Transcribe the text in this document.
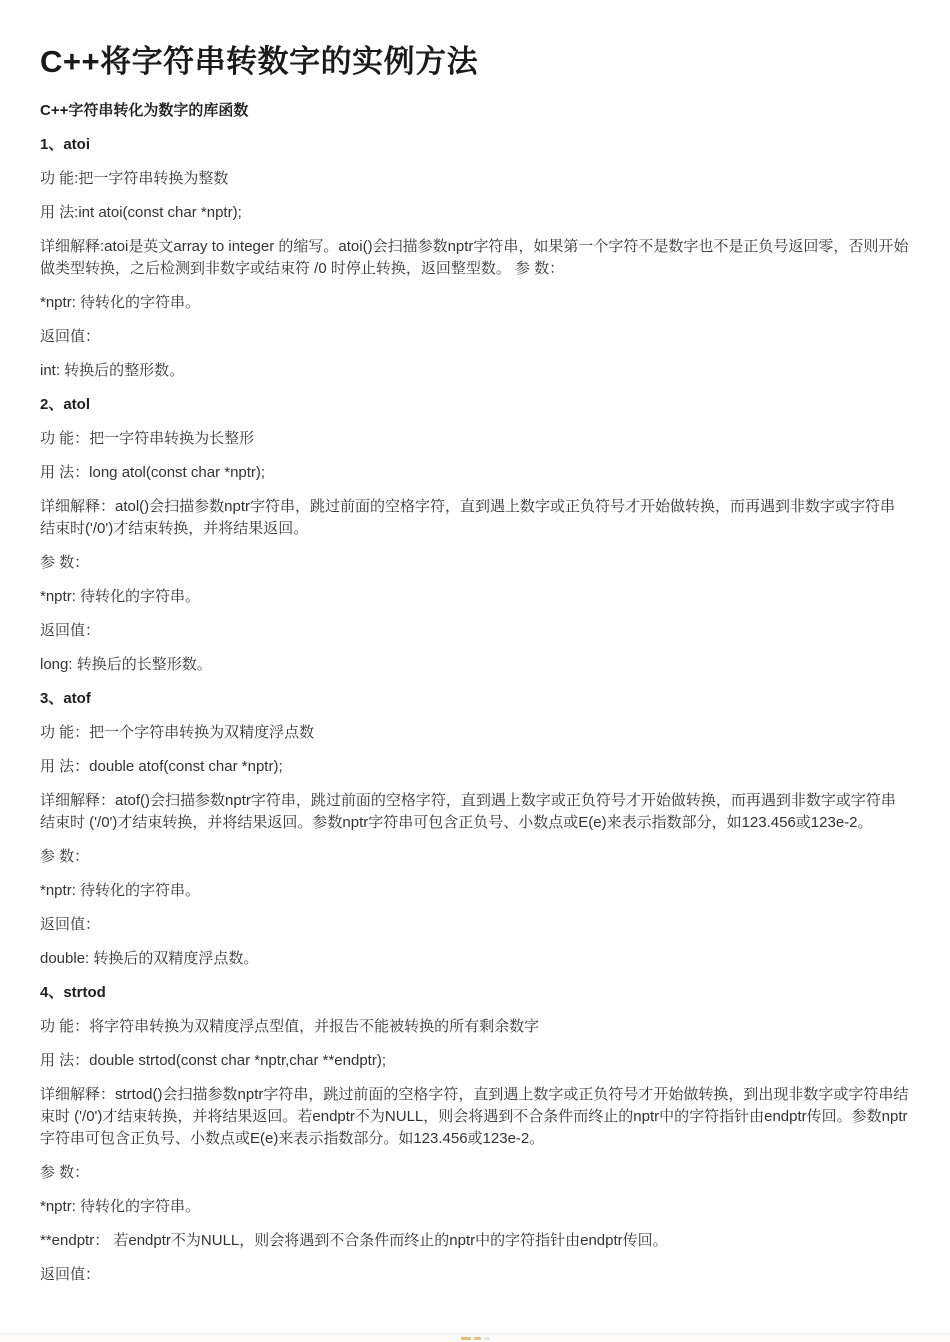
C++将字符串转数字的实例方法

C++字符串转化为数字的库函数

1、atoi

功 能:把一字符串转换为整数

用 法:int atoi(const char *nptr);

详细解释:atoi是英文array to integer 的缩写。atoi()会扫描参数nptr字符串，如果第一个字符不是数字也不是正负号返回零，否则开始做类型转换，之后检测到非数字或结束符 /0 时停止转换，返回整型数。 参 数：

*nptr: 待转化的字符串。

返回值：

int: 转换后的整形数。

2、atol

功 能：把一字符串转换为长整形

用 法：long atol(const char *nptr);

详细解释：atol()会扫描参数nptr字符串，跳过前面的空格字符，直到遇上数字或正负符号才开始做转换，而再遇到非数字或字符串结束时('/0')才结束转换，并将结果返回。

参 数：

*nptr: 待转化的字符串。

返回值：

long: 转换后的长整形数。

3、atof

功 能：把一个字符串转换为双精度浮点数

用 法：double atof(const char *nptr);

详细解释：atof()会扫描参数nptr字符串，跳过前面的空格字符，直到遇上数字或正负符号才开始做转换，而再遇到非数字或字符串结束时 ('/0')才结束转换，并将结果返回。参数nptr字符串可包含正负号、小数点或E(e)来表示指数部分，如123.456或123e-2。

参 数：

*nptr: 待转化的字符串。

返回值：

double: 转换后的双精度浮点数。

4、strtod

功 能：将字符串转换为双精度浮点型值，并报告不能被转换的所有剩余数字

用 法：double strtod(const char *nptr,char **endptr);

详细解释：strtod()会扫描参数nptr字符串，跳过前面的空格字符，直到遇上数字或正负符号才开始做转换，到出现非数字或字符串结束时 ('/0')才结束转换，并将结果返回。若endptr不为NULL，则会将遇到不合条件而终止的nptr中的字符指针由endptr传回。参数nptr 字符串可包含正负号、小数点或E(e)来表示指数部分。如123.456或123e-2。

参 数：

*nptr: 待转化的字符串。

**endptr： 若endptr不为NULL，则会将遇到不合条件而终止的nptr中的字符指针由endptr传回。

返回值：
